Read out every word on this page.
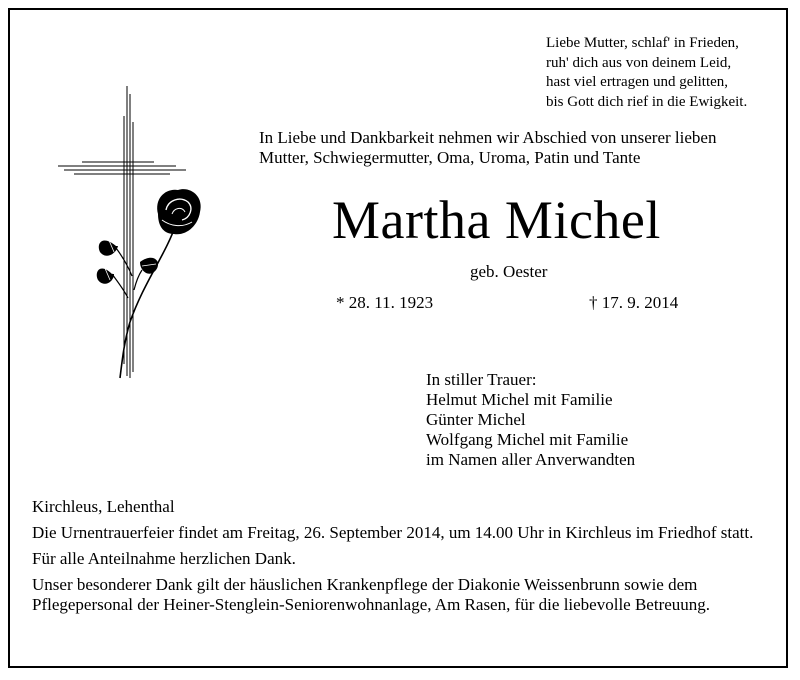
Liebe Mutter, schlaf' in Frieden,
ruh' dich aus von deinem Leid,
hast viel ertragen und gelitten,
bis Gott dich rief in die Ewigkeit.
In Liebe und Dankbarkeit nehmen wir Abschied von unserer lieben
Mutter, Schwiegermutter, Oma, Uroma, Patin und Tante
Martha Michel
geb. Oester
* 28. 11. 1923	† 17. 9. 2014
In stiller Trauer:
Helmut Michel mit Familie
Günter Michel
Wolfgang Michel mit Familie
im Namen aller Anverwandten

Kirchleus, Lehenthal

Die Urnentrauerfeier findet am Freitag, 26. September 2014, um 14.00 Uhr in Kirchleus im Friedhof statt.

Für alle Anteilnahme herzlichen Dank.

Unser besonderer Dank gilt der häuslichen Krankenpflege der Diakonie Weissenbrunn sowie dem Pflegepersonal der Heiner-Stenglein-Seniorenwohnanlage, Am Rasen, für die liebevolle Betreuung.
